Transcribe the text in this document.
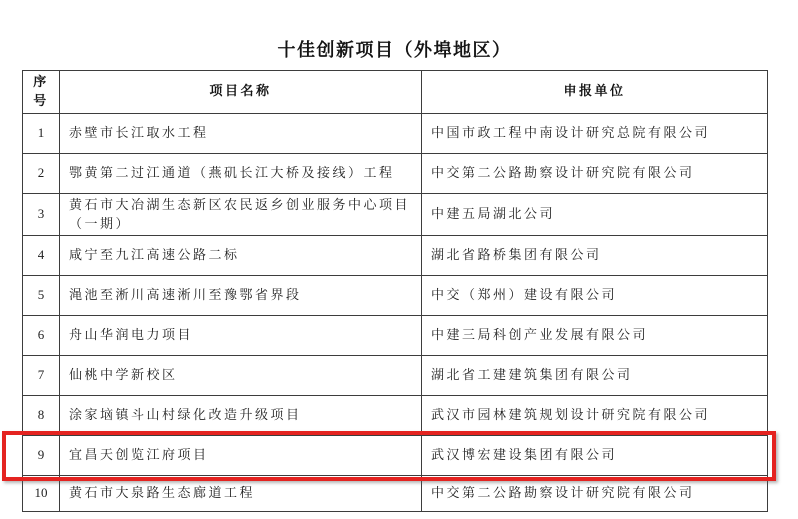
十佳创新项目（外埠地区）
序号	项目名称	申报单位
1	赤壁市长江取水工程	中国市政工程中南设计研究总院有限公司
2	鄂黄第二过江通道（燕矶长江大桥及接线）工程	中交第二公路勘察设计研究院有限公司
3	黄石市大冶湖生态新区农民返乡创业服务中心项目（一期）	中建五局湖北公司
4	咸宁至九江高速公路二标	湖北省路桥集团有限公司
5	渑池至淅川高速淅川至豫鄂省界段	中交（郑州）建设有限公司
6	舟山华润电力项目	中建三局科创产业发展有限公司
7	仙桃中学新校区	湖北省工建建筑集团有限公司
8	涂家垴镇斗山村绿化改造升级项目	武汉市园林建筑规划设计研究院有限公司
9	宜昌天创览江府项目	武汉博宏建设集团有限公司
10	黄石市大泉路生态廊道工程	中交第二公路勘察设计研究院有限公司
